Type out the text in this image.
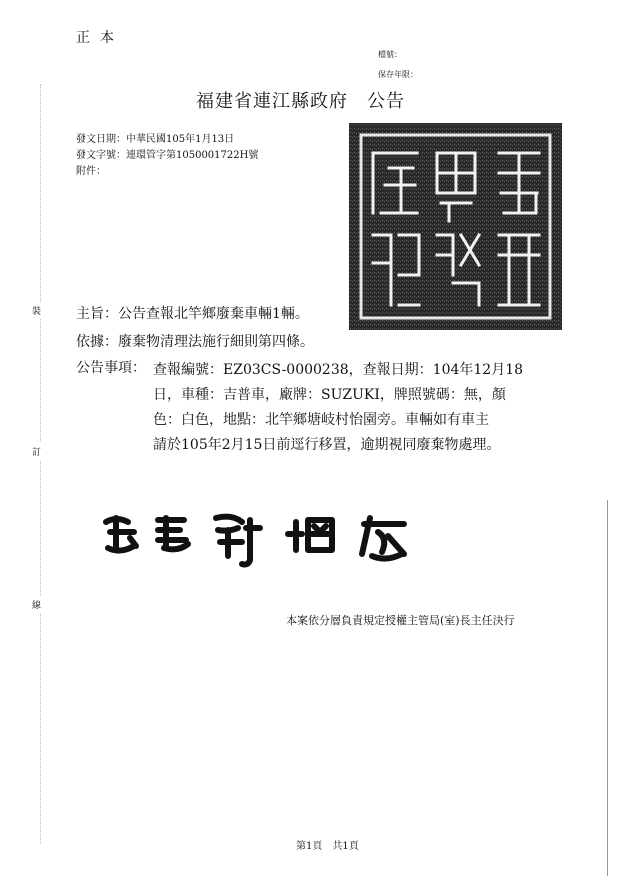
裝
訂
線
正本
檔號：
保存年限：
福建省連江縣政府　公告
發文日期：中華民國105年1月13日
發文字號：連環管字第1050001722H號
附件：
主旨：公告查報北竿鄉廢棄車輛1輛。
依據：廢棄物清理法施行細則第四條。
公告事項： 查報編號：EZ03CS-0000238，查報日期：104年12月18
日，車種：吉普車，廠牌：SUZUKI，牌照號碼：無，顏
色：白色，地點：北竿鄉塘岐村怡園旁。車輛如有車主
請於105年2月15日前逕行移置，逾期視同廢棄物處理。
本案依分層負責規定授權主管局(室)長主任決行
第1頁　共1頁
